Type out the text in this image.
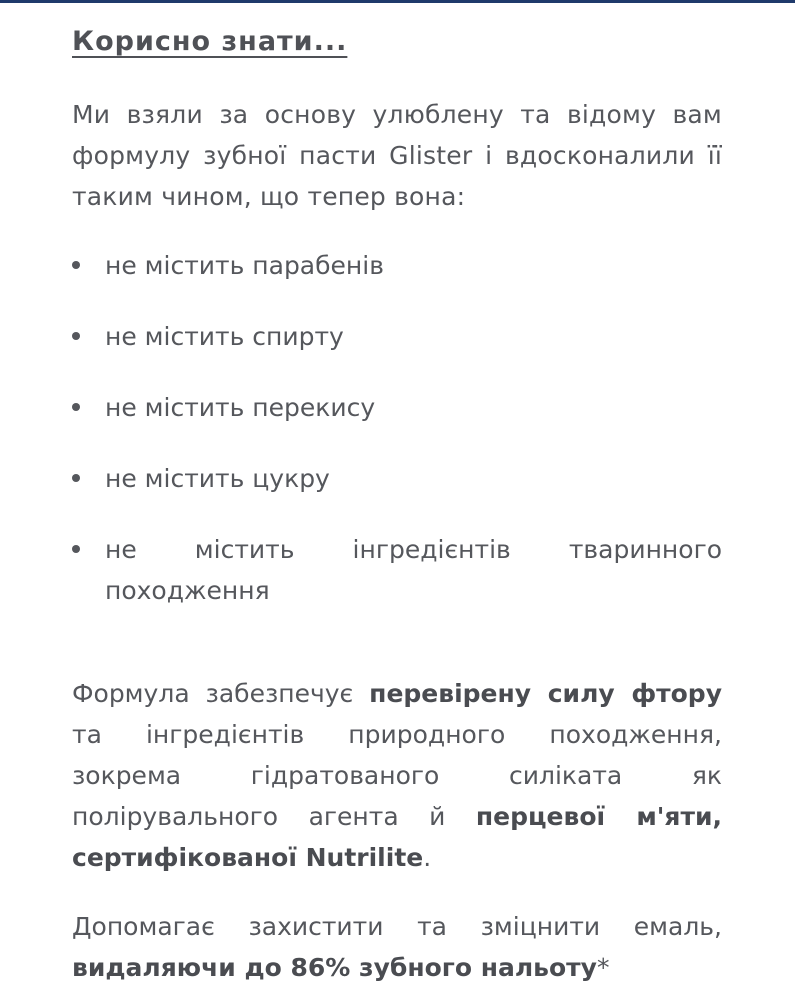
Корисно знати...

Ми взяли за основу улюблену та відому вам формулу зубної пасти Glister і вдосконалили її таким чином, що тепер вона:

не містить парабенів
не містить спирту
не містить перекису
не містить цукру
не містить інгредієнтів тваринного походження

Формула забезпечує перевірену силу фтору та інгредієнтів природного походження, зокрема гідратованого силіката як полірувального агента й перцевої м'яти, сертифікованої Nutrilite.

Допомагає захистити та зміцнити емаль, видаляючи до 86% зубного нальоту*
